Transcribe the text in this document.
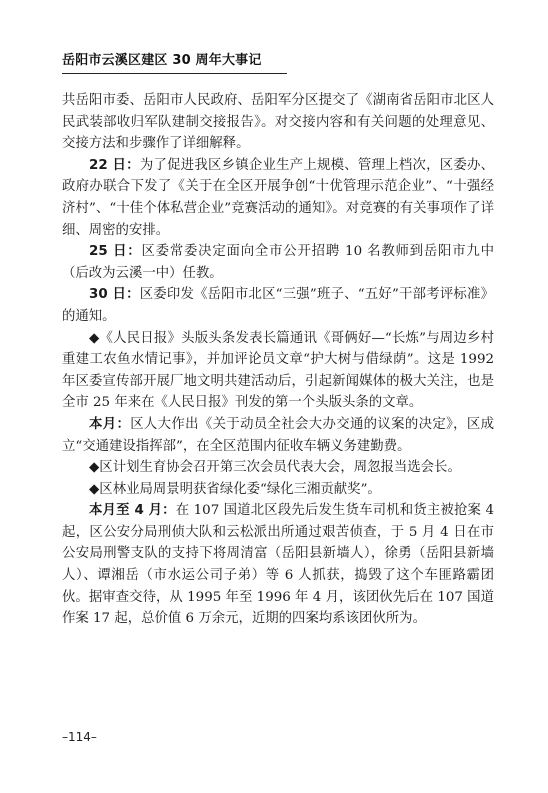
岳阳市云溪区建区 30 周年大事记

共岳阳市委、岳阳市人民政府、岳阳军分区提交了《湖南省岳阳市北区人民武装部收归军队建制交接报告》。对交接内容和有关问题的处理意见、交接方法和步骤作了详细解释。

22 日：为了促进我区乡镇企业生产上规模、管理上档次，区委办、政府办联合下发了《关于在全区开展争创“十优管理示范企业”、“十强经济村”、“十佳个体私营企业”竞赛活动的通知》。对竞赛的有关事项作了详细、周密的安排。

25 日：区委常委决定面向全市公开招聘 10 名教师到岳阳市九中（后改为云溪一中）任教。

30 日：区委印发《岳阳市北区“三强”班子、“五好”干部考评标准》的通知。

◆《人民日报》头版头条发表长篇通讯《哥俩好—“长炼”与周边乡村重建工农鱼水情记事》，并加评论员文章“护大树与借绿荫”。这是 1992 年区委宣传部开展厂地文明共建活动后，引起新闻媒体的极大关注，也是全市 25 年来在《人民日报》刊发的第一个头版头条的文章。

本月：区人大作出《关于动员全社会大办交通的议案的决定》，区成立“交通建设指挥部”，在全区范围内征收车辆义务建勤费。

◆区计划生育协会召开第三次会员代表大会，周忽报当选会长。

◆区林业局周景明获省绿化委“绿化三湘贡献奖”。

本月至 4 月：在 107 国道北区段先后发生货车司机和货主被抢案 4 起，区公安分局刑侦大队和云松派出所通过艰苦侦查，于 5 月 4 日在市公安局刑警支队的支持下将周清富（岳阳县新墙人），徐勇（岳阳县新墙人）、谭湘岳（市水运公司子弟）等 6 人抓获，捣毁了这个车匪路霸团伙。据审查交待，从 1995 年至 1996 年 4 月，该团伙先后在 107 国道作案 17 起，总价值 6 万余元，近期的四案均系该团伙所为。

–114–
